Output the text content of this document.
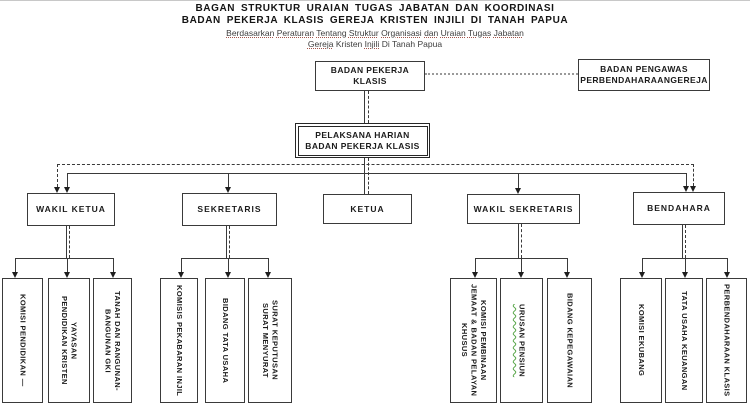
BAGAN STRUKTUR URAIAN TUGAS JABATAN DAN KOORDINASI
BADAN PEKERJA KLASIS GEREJA KRISTEN INJILI DI TANAH PAPUA
Berdasarkan Peraturan Tentang Struktur Organisasi dan Uraian Tugas Jabatan
Gereja Kristen Injili Di Tanah Papua
BADAN PEKERJA KLASIS
BADAN PENGAWAS
PERBENDAHARAANGEREJA
PELAKSANA HARIAN
BADAN PEKERJA KLASIS
WAKIL KETUA	SEKRETARIS	KETUA	WAKIL SEKRETARIS	BENDAHARA
KOMISI PENDIDIKAN —	YAYASAN
PENDIDIKAN KRISTEN	TANAH DAN RANGUNAN-
BANGUNAN GKI	KOMISIS PEKABARAN INJIL	BIDANG TATA USAHA	SURAT KEPUTUSAN
SURAT MENYURAT	KOMISI PEMBINAAN
JEMAAT & BADAN PELAYAN
KHUSUS	URUSAN PENSIUN	BIDANG KEPEGAWAIAN	KOMISI EKUBANG	TATA USAHA KEUANGAN	PERBENDAHARAAN KLASIS
